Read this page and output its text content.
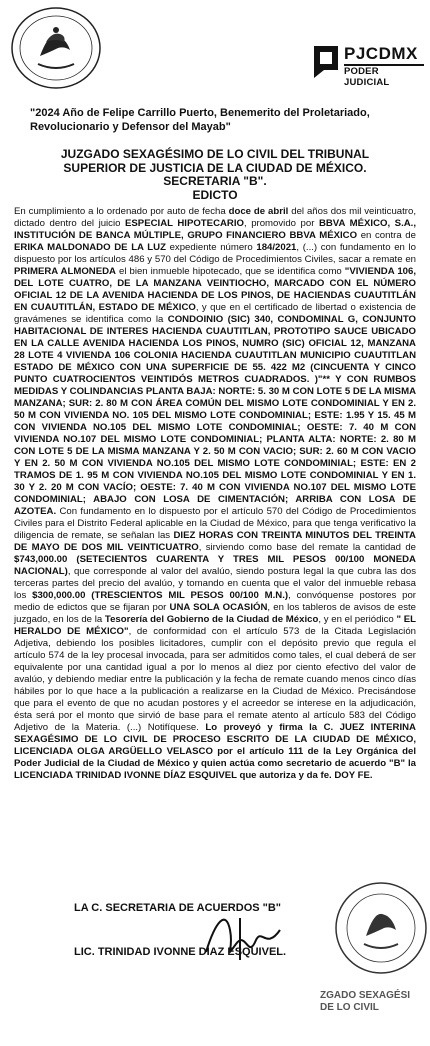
PJCDMX
PODER JUDICIAL
"2024 Año de Felipe Carrillo Puerto, Benemerito del Proletariado,
Revolucionario y Defensor del Mayab"
JUZGADO SEXAGÉSIMO DE LO CIVIL DEL TRIBUNAL
SUPERIOR DE JUSTICIA DE LA CIUDAD DE MÉXICO.
SECRETARIA "B".
EDICTO
En cumplimiento a lo ordenado por auto de fecha doce de abril del años dos mil veinticuatro, dictado dentro del juicio ESPECIAL HIPOTECARIO, promovido por BBVA MÉXICO, S.A., INSTITUCIÓN DE BANCA MÚLTIPLE, GRUPO FINANCIERO BBVA MÉXICO en contra de ERIKA MALDONADO DE LA LUZ expediente número 184/2021, (...) con fundamento en lo dispuesto por los artículos 486 y 570 del Código de Procedimientos Civiles, sacar a remate en PRIMERA ALMONEDA el bien inmueble hipotecado, que se identifica como "VIVIENDA 106, DEL LOTE CUATRO, DE LA MANZANA VEINTIOCHO, MARCADO CON EL NÚMERO OFICIAL 12 DE LA AVENIDA HACIENDA DE LOS PINOS, DE HACIENDAS CUAUTITLÁN EN CUAUTITLÁN, ESTADO DE MÉXICO, y que en el certificado de libertad o existencia de gravámenes se identifica como la CONDOINIO (SIC) 340, CONDOMINAL G, CONJUNTO HABITACIONAL DE INTERES HACIENDA CUAUTITLAN, PROTOTIPO SAUCE UBICADO EN LA CALLE AVENIDA HACIENDA LOS PINOS, NUMRO (SIC) OFICIAL 12, MANZANA 28 LOTE 4 VIVIENDA 106 COLONIA HACIENDA CUAUTITLAN MUNICIPIO CUAUTITLAN ESTADO DE MÉXICO CON UNA SUPERFICIE DE 55. 422 M2 (CINCUENTA Y CINCO PUNTO CUATROCIENTOS VEINTIDÓS METROS CUADRADOS. )"** Y CON RUMBOS MEDIDAS Y COLINDANCIAS PLANTA BAJA: NORTE: 5. 30 M CON LOTE 5 DE LA MISMA MANZANA; SUR: 2. 80 M CON ÁREA COMÚN DEL MISMO LOTE CONDOMINIAL Y EN 2. 50 M CON VIVIENDA NO. 105 DEL MISMO LOTE CONDOMINIAL; ESTE: 1.95 Y 15. 45 M CON VIVIENDA NO.105 DEL MISMO LOTE CONDOMINIAL; OESTE: 7. 40 M CON VIVIENDA NO.107 DEL MISMO LOTE CONDOMINIAL; PLANTA ALTA: NORTE: 2. 80 M CON LOTE 5 DE LA MISMA MANZANA Y 2. 50 M CON VACIO; SUR: 2. 60 M CON VACIO Y EN 2. 50 M CON VIVIENDA NO.105 DEL MISMO LOTE CONDOMINIAL; ESTE: EN 2 TRAMOS DE 1. 95 M CON VIVIENDA NO.105 DEL MISMO LOTE CONDOMINIAL Y EN 1. 30 Y 2. 20 M CON VACÍO; OESTE: 7. 40 M CON VIVIENDA NO.107 DEL MISMO LOTE CONDOMINIAL; ABAJO CON LOSA DE CIMENTACIÓN; ARRIBA CON LOSA DE AZOTEA. Con fundamento en lo dispuesto por el artículo 570 del Código de Procedimientos Civiles para el Distrito Federal aplicable en la Ciudad de México, para que tenga verificativo la diligencia de remate, se señalan las DIEZ HORAS CON TREINTA MINUTOS DEL TREINTA DE MAYO DE DOS MIL VEINTICUATRO, sirviendo como base del remate la cantidad de $743,000.00 (SETECIENTOS CUARENTA Y TRES MIL PESOS 00/100 MONEDA NACIONAL), que corresponde al valor del avalúo, siendo postura legal la que cubra las dos terceras partes del precio del avalúo, y tomando en cuenta que el valor del inmueble rebasa los $300,000.00 (TRESCIENTOS MIL PESOS 00/100 M.N.), convóquense postores por medio de edictos que se fijaran por UNA SOLA OCASIÓN, en los tableros de avisos de este juzgado, en los de la Tesorería del Gobierno de la Ciudad de México, y en el periódico " EL HERALDO DE MÉXICO", de conformidad con el artículo 573 de la Citada Legislación Adjetiva, debiendo los posibles licitadores, cumplir con el depósito previo que regula el artículo 574 de la ley procesal invocada, para ser admitidos como tales, el cual deberá de ser equivalente por una cantidad igual a por lo menos al diez por ciento efectivo del valor de avalúo, y debiendo mediar entre la publicación y la fecha de remate cuando menos cinco días hábiles por lo que hace a la publicación a realizarse en la Ciudad de México. Precisándose que para el evento de que no acudan postores y el acreedor se interese en la adjudicación, ésta será por el monto que sirvió de base para el remate atento al artículo 583 del Código Adjetivo de la Materia. (...) Notifíquese. Lo proveyó y firma la C. JUEZ INTERINA SEXAGÉSIMO DE LO CIVIL DE PROCESO ESCRITO DE LA CIUDAD DE MÉXICO, LICENCIADA OLGA ARGÜELLO VELASCO por el artículo 111 de la Ley Orgánica del Poder Judicial de la Ciudad de México y quien actúa como secretario de acuerdo "B" la LICENCIADA TRINIDAD IVONNE DÍAZ ESQUIVEL que autoriza y da fe. DOY FE.
LA C. SECRETARIA DE ACUERDOS "B"
LIC. TRINIDAD IVONNE DIAZ ESQUIVEL.
ZGADO SEXAGÉSI
DE LO CIVIL
